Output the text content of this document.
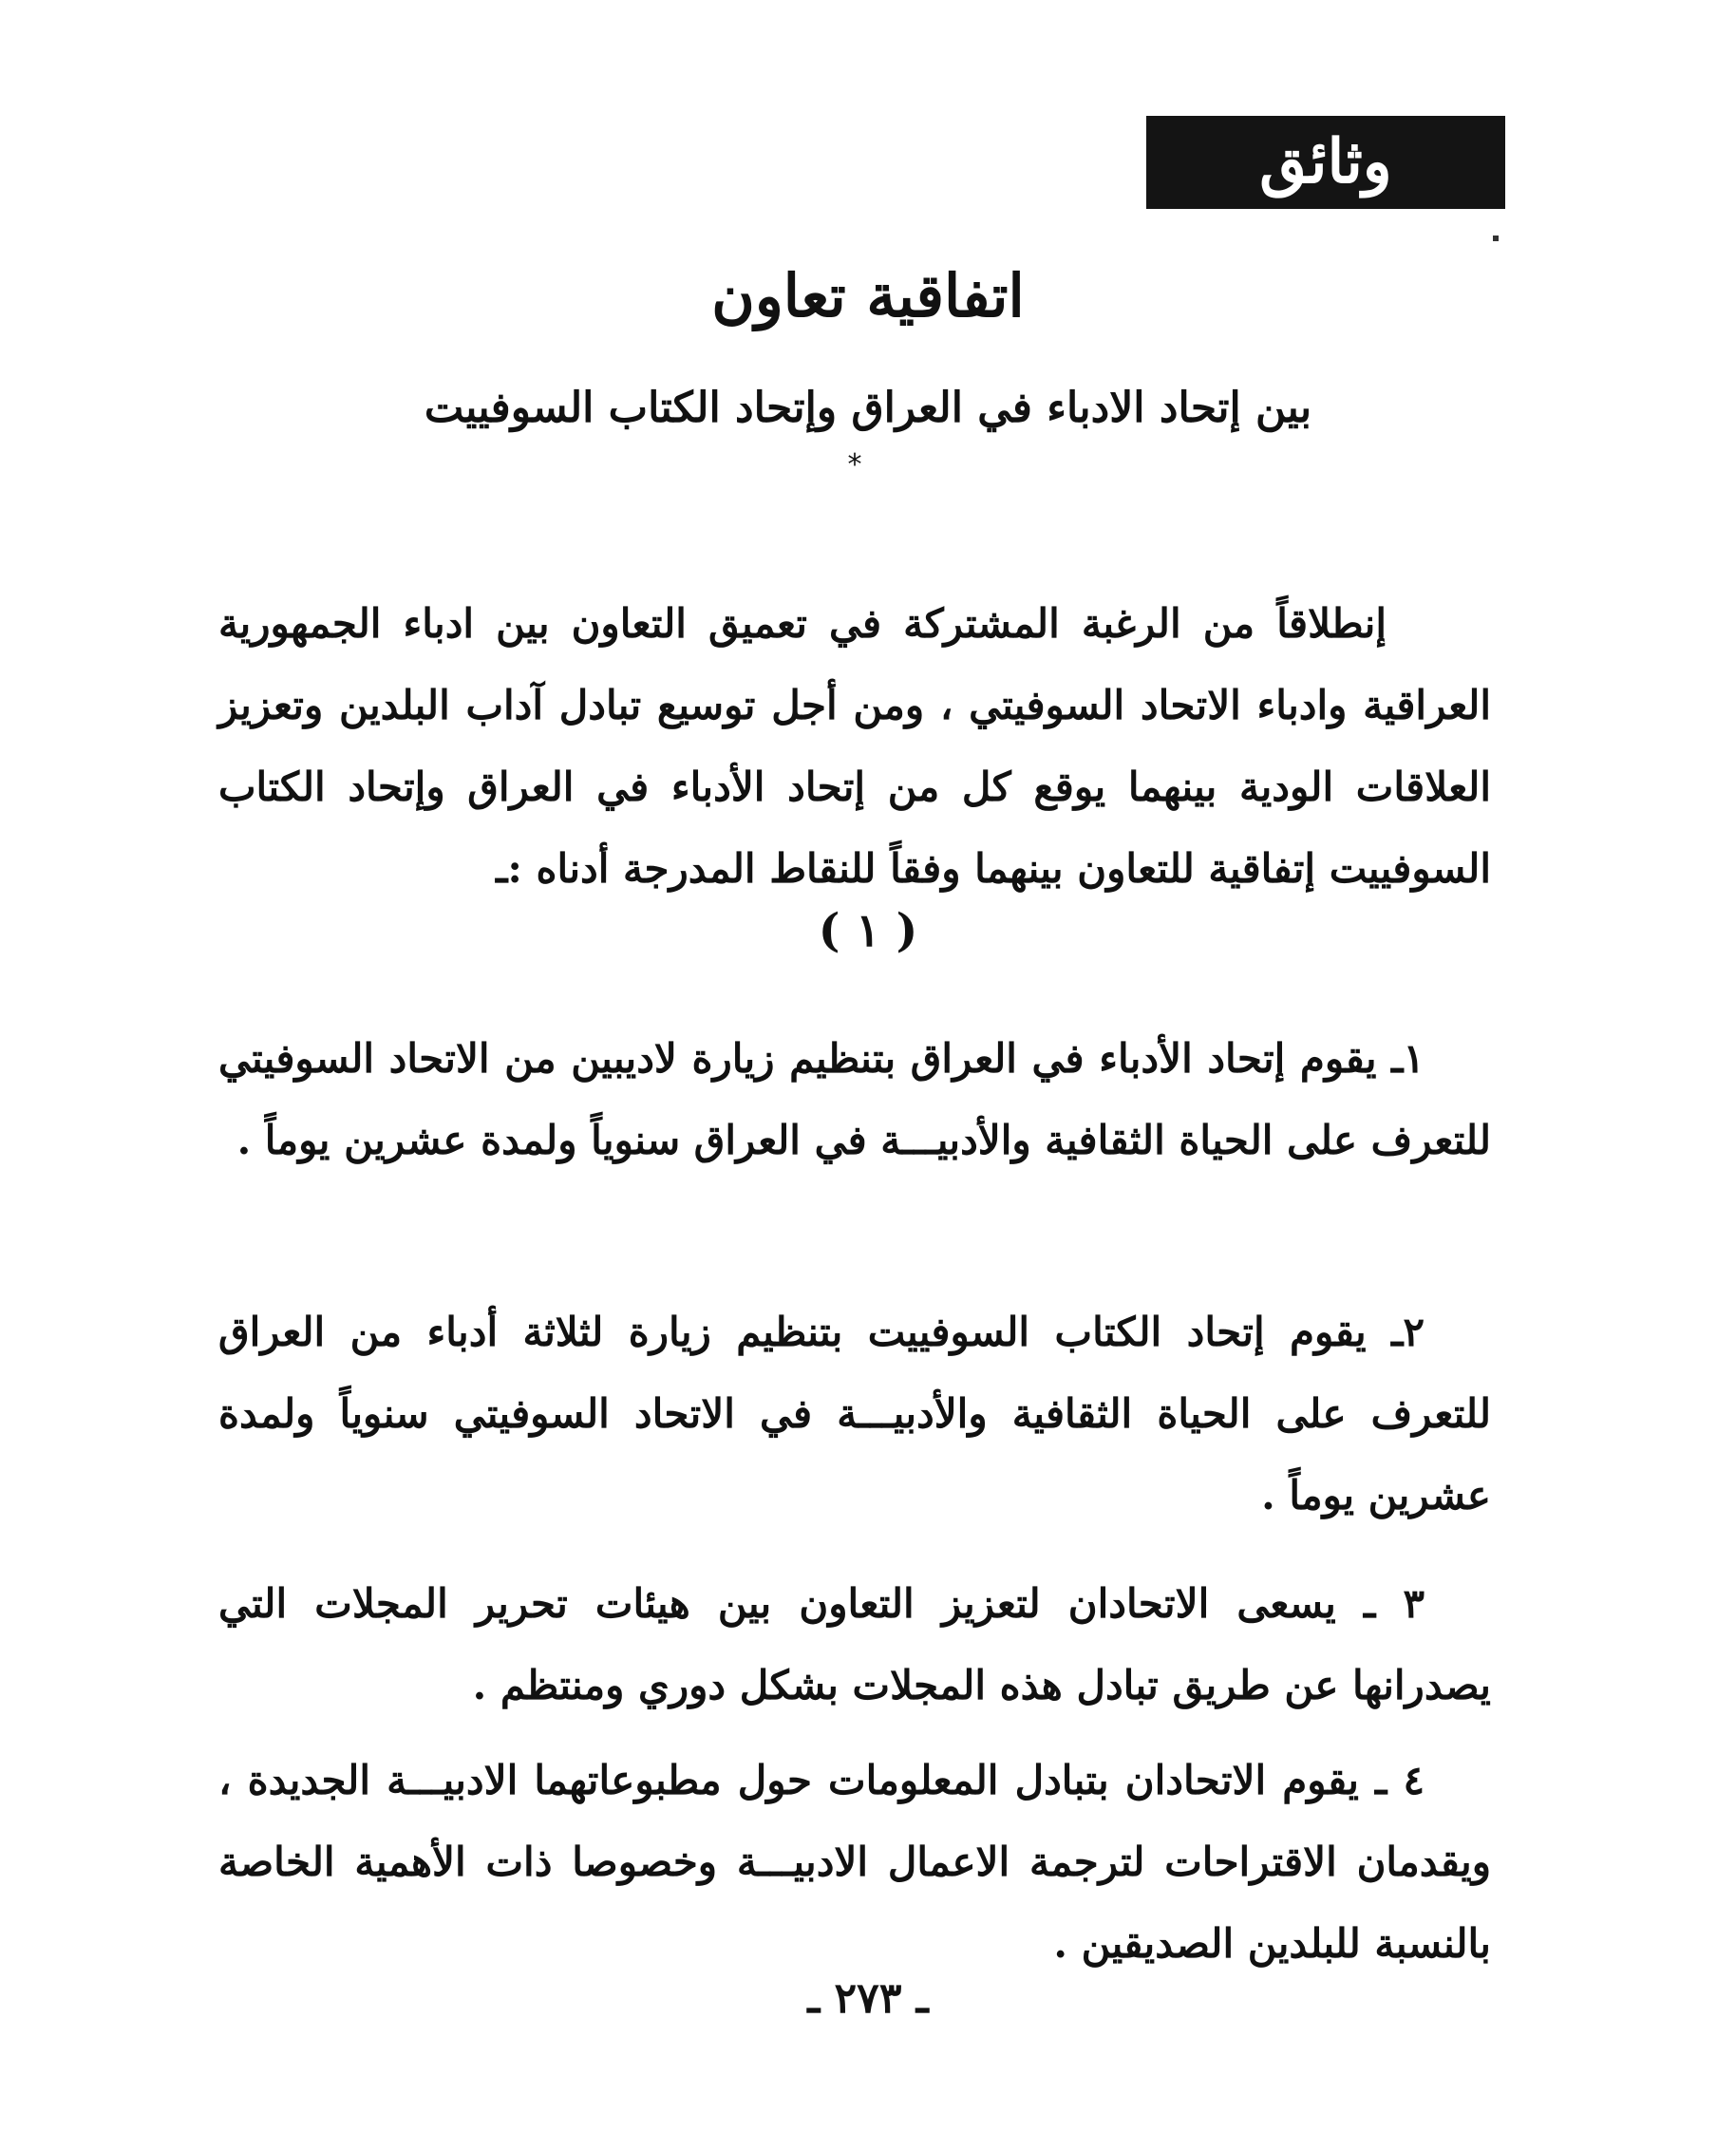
وثائق
اتفاقية تعاون
بين إتحاد الادباء في العراق وإتحاد الكتاب السوفييت
*

إنطلاقاً من الرغبة المشتركة في تعميق التعاون بين ادباء الجمهورية العراقية وادباء الاتحاد السوفيتي ، ومن أجل توسيع تبادل آداب البلدين وتعزيز العلاقات الودية بينهما يوقع كل من إتحاد الأدباء في العراق وإتحاد الكتاب السوفييت إتفاقية للتعاون بينهما وفقاً للنقاط المدرجة أدناه :ـ

( ١ )

١ـ يقوم إتحاد الأدباء في العراق بتنظيم زيارة لاديبين من الاتحاد السوفيتي للتعرف على الحياة الثقافية والأدبيـــة في العراق سنوياً ولمدة عشرين يوماً .

٢ـ يقوم إتحاد الكتاب السوفييت بتنظيم زيارة لثلاثة أدباء من العراق للتعرف على الحياة الثقافية والأدبيـــة في الاتحاد السوفيتي سنوياً ولمدة عشرين يوماً .

٣ ـ يسعى الاتحادان لتعزيز التعاون بين هيئات تحرير المجلات التي يصدرانها عن طريق تبادل هذه المجلات بشكل دوري ومنتظم .

٤ ـ يقوم الاتحادان بتبادل المعلومات حول مطبوعاتهما الادبيـــة الجديدة ، ويقدمان الاقتراحات لترجمة الاعمال الادبيـــة وخصوصا ذات الأهمية الخاصة بالنسبة للبلدين الصديقين .

ـ ٢٧٣ ـ
